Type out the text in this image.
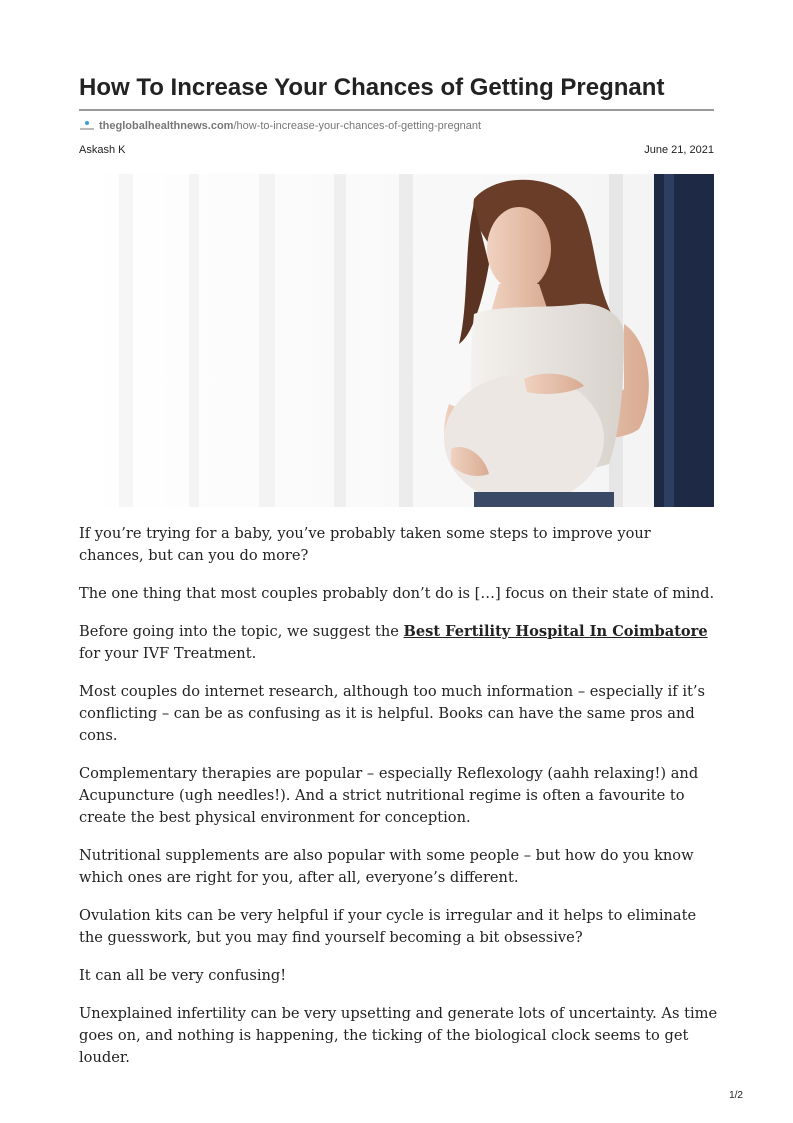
How To Increase Your Chances of Getting Pregnant
theglobalhealthnews.com /how-to-increase-your-chances-of-getting-pregnant
Askash K	June 21, 2021

If you’re trying for a baby, you’ve probably taken some steps to improve your chances, but can you do more?

The one thing that most couples probably don’t do is […] focus on their state of mind.

Before going into the topic, we suggest the Best Fertility Hospital In Coimbatore for your IVF Treatment.

Most couples do internet research, although too much information – especially if it’s conflicting – can be as confusing as it is helpful. Books can have the same pros and cons.

Complementary therapies are popular – especially Reflexology (aahh relaxing!) and Acupuncture (ugh needles!). And a strict nutritional regime is often a favourite to create the best physical environment for conception.

Nutritional supplements are also popular with some people – but how do you know which ones are right for you, after all, everyone’s different.

Ovulation kits can be very helpful if your cycle is irregular and it helps to eliminate the guesswork, but you may find yourself becoming a bit obsessive?

It can all be very confusing!

Unexplained infertility can be very upsetting and generate lots of uncertainty. As time goes on, and nothing is happening, the ticking of the biological clock seems to get louder.

1/2
